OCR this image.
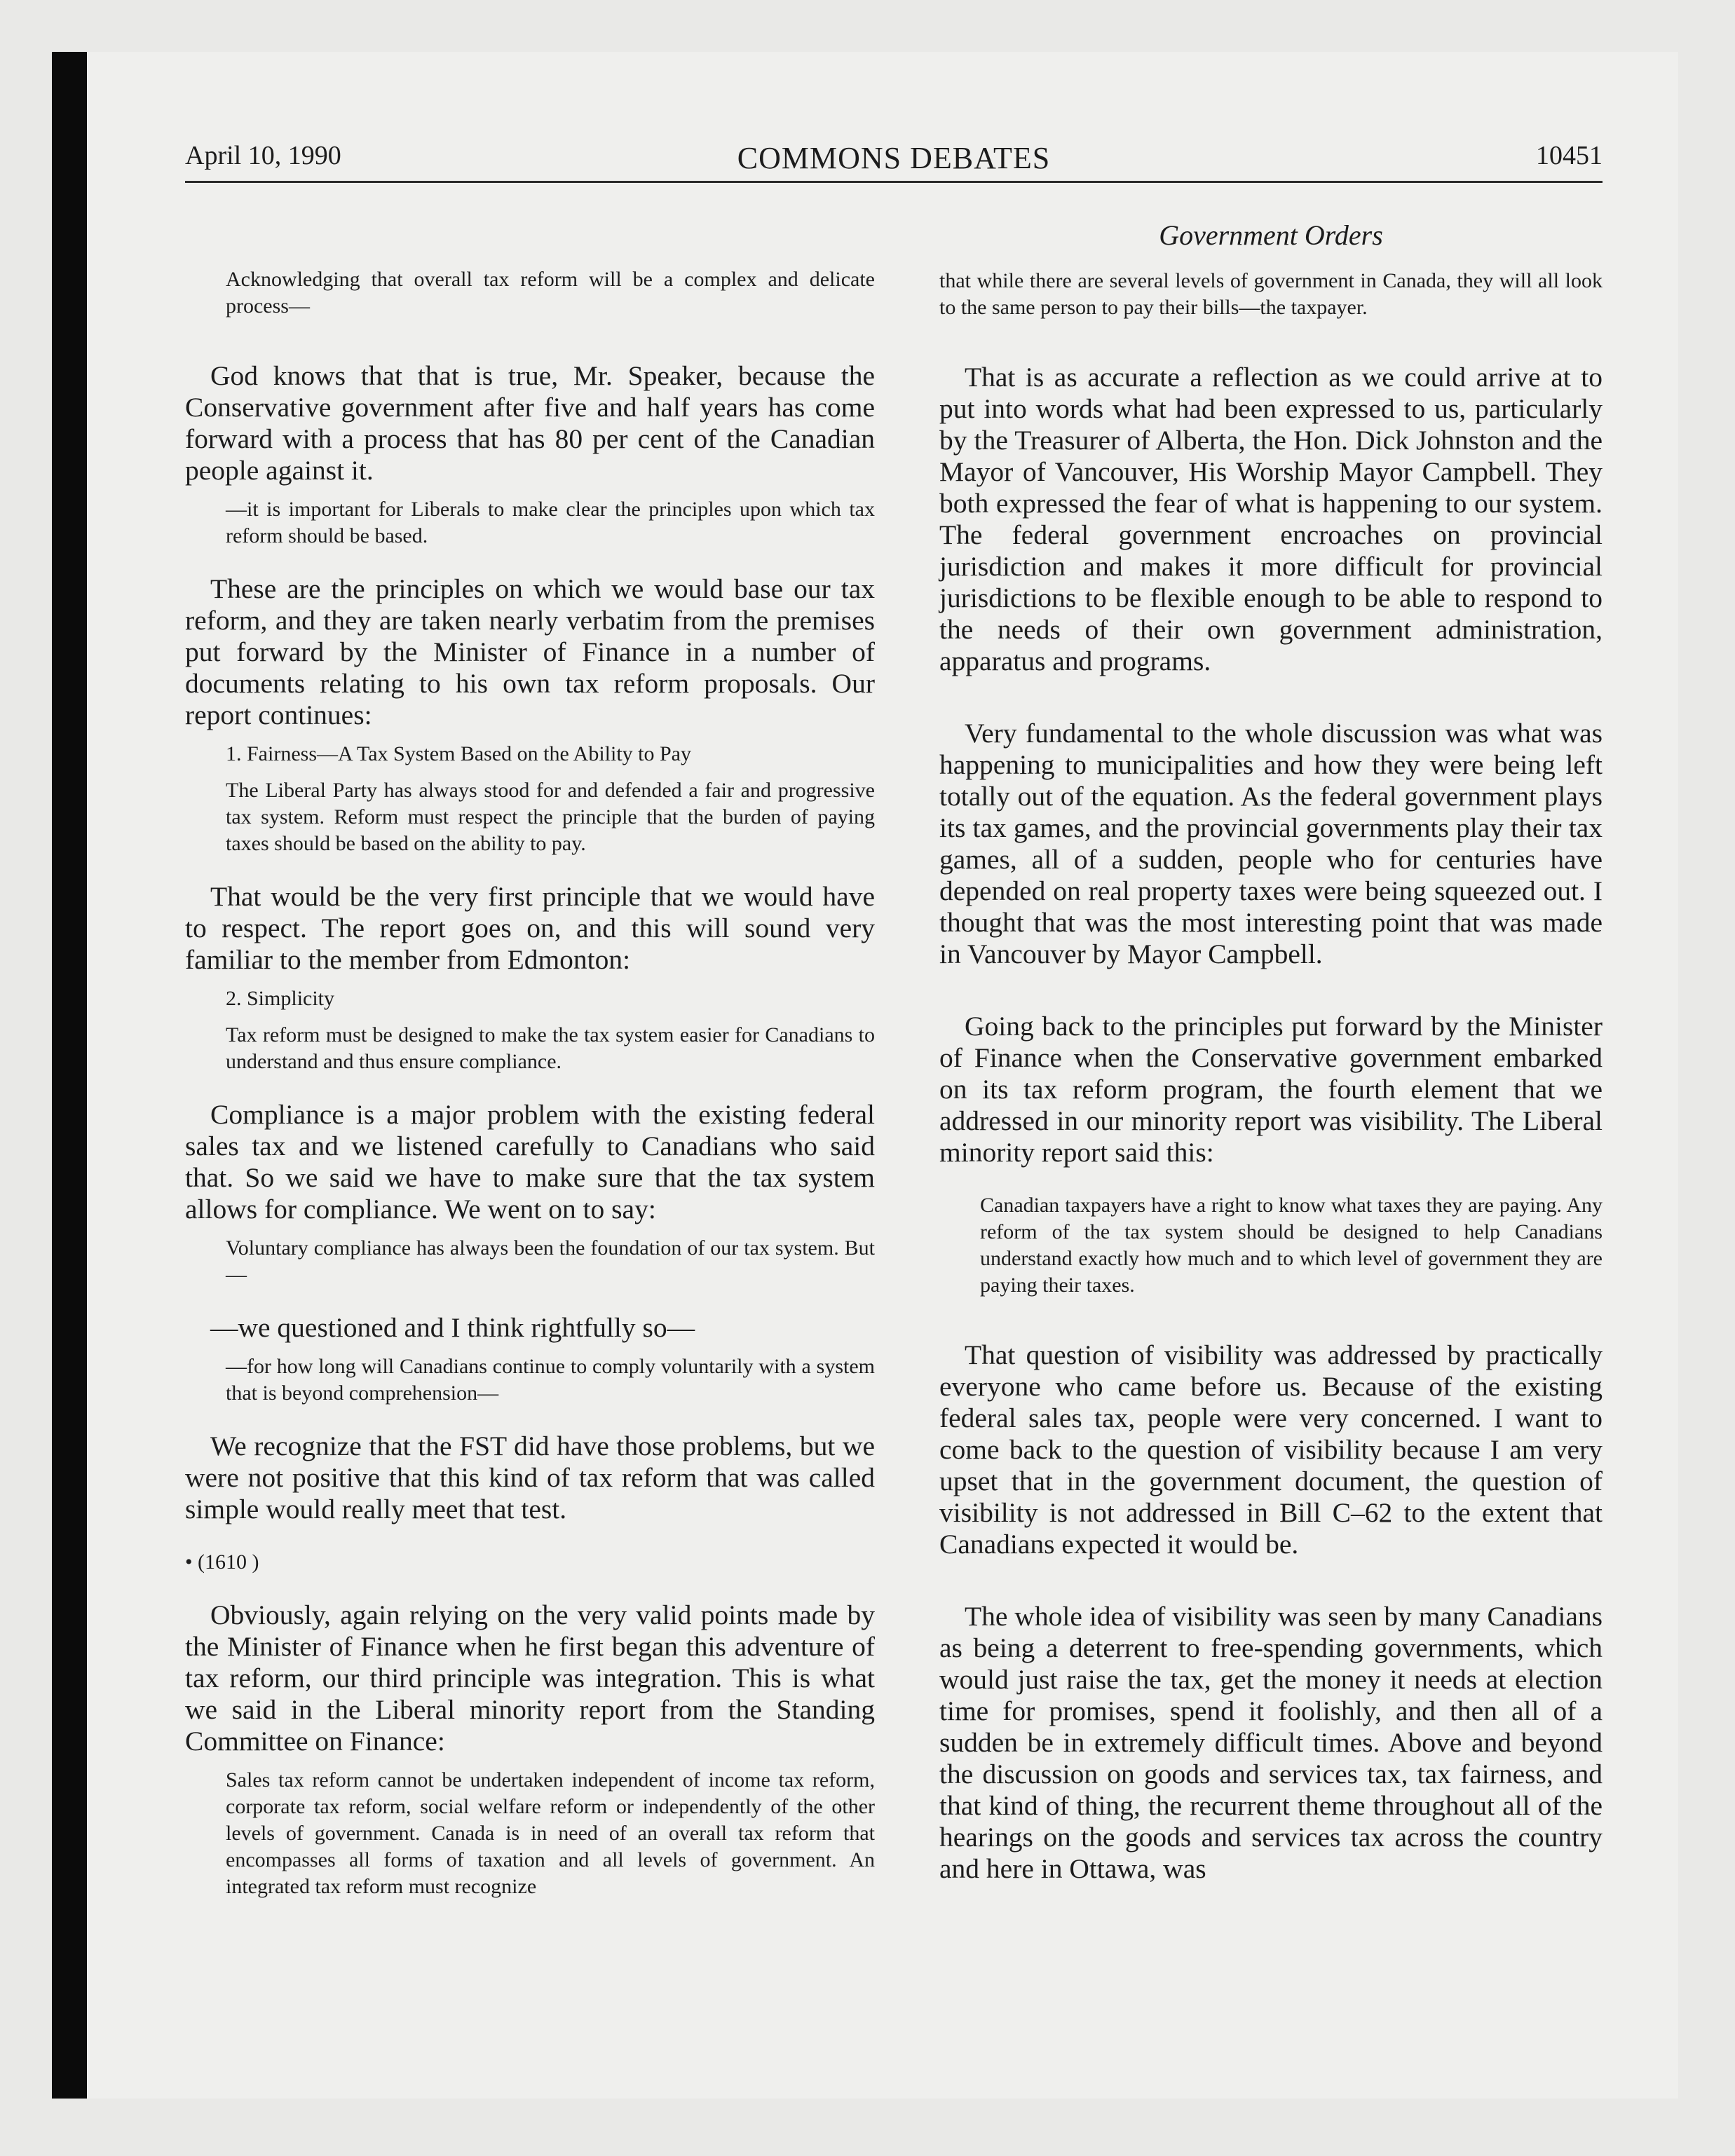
April 10, 1990	COMMONS DEBATES	10451
Government Orders

Acknowledging that overall tax reform will be a complex and delicate process—

God knows that that is true, Mr. Speaker, because the Conservative government after five and half years has come forward with a process that has 80 per cent of the Canadian people against it.

—it is important for Liberals to make clear the principles upon which tax reform should be based.

These are the principles on which we would base our tax reform, and they are taken nearly verbatim from the premises put forward by the Minister of Finance in a number of documents relating to his own tax reform proposals. Our report continues:

1. Fairness—A Tax System Based on the Ability to Pay

The Liberal Party has always stood for and defended a fair and progressive tax system. Reform must respect the principle that the burden of paying taxes should be based on the ability to pay.

That would be the very first principle that we would have to respect. The report goes on, and this will sound very familiar to the member from Edmonton:

2. Simplicity

Tax reform must be designed to make the tax system easier for Canadians to understand and thus ensure compliance.

Compliance is a major problem with the existing federal sales tax and we listened carefully to Canadians who said that. So we said we have to make sure that the tax system allows for compliance. We went on to say:

Voluntary compliance has always been the foundation of our tax system. But—

—we questioned and I think rightfully so—

—for how long will Canadians continue to comply voluntarily with a system that is beyond comprehension—

We recognize that the FST did have those problems, but we were not positive that this kind of tax reform that was called simple would really meet that test.

• (1610 )

Obviously, again relying on the very valid points made by the Minister of Finance when he first began this adventure of tax reform, our third principle was integration. This is what we said in the Liberal minority report from the Standing Committee on Finance:

Sales tax reform cannot be undertaken independent of income tax reform, corporate tax reform, social welfare reform or independently of the other levels of government. Canada is in need of an overall tax reform that encompasses all forms of taxation and all levels of government. An integrated tax reform must recognize

that while there are several levels of government in Canada, they will all look to the same person to pay their bills—the taxpayer.

That is as accurate a reflection as we could arrive at to put into words what had been expressed to us, particularly by the Treasurer of Alberta, the Hon. Dick Johnston and the Mayor of Vancouver, His Worship Mayor Campbell. They both expressed the fear of what is happening to our system. The federal government encroaches on provincial jurisdiction and makes it more difficult for provincial jurisdictions to be flexible enough to be able to respond to the needs of their own government administration, apparatus and programs.

Very fundamental to the whole discussion was what was happening to municipalities and how they were being left totally out of the equation. As the federal government plays its tax games, and the provincial governments play their tax games, all of a sudden, people who for centuries have depended on real property taxes were being squeezed out. I thought that was the most interesting point that was made in Vancouver by Mayor Campbell.

Going back to the principles put forward by the Minister of Finance when the Conservative government embarked on its tax reform program, the fourth element that we addressed in our minority report was visibility. The Liberal minority report said this:

Canadian taxpayers have a right to know what taxes they are paying. Any reform of the tax system should be designed to help Canadians understand exactly how much and to which level of government they are paying their taxes.

That question of visibility was addressed by practically everyone who came before us. Because of the existing federal sales tax, people were very concerned. I want to come back to the question of visibility because I am very upset that in the government document, the question of visibility is not addressed in Bill C–62 to the extent that Canadians expected it would be.

The whole idea of visibility was seen by many Canadians as being a deterrent to free-spending governments, which would just raise the tax, get the money it needs at election time for promises, spend it foolishly, and then all of a sudden be in extremely difficult times. Above and beyond the discussion on goods and services tax, tax fairness, and that kind of thing, the recurrent theme throughout all of the hearings on the goods and services tax across the country and here in Ottawa, was
